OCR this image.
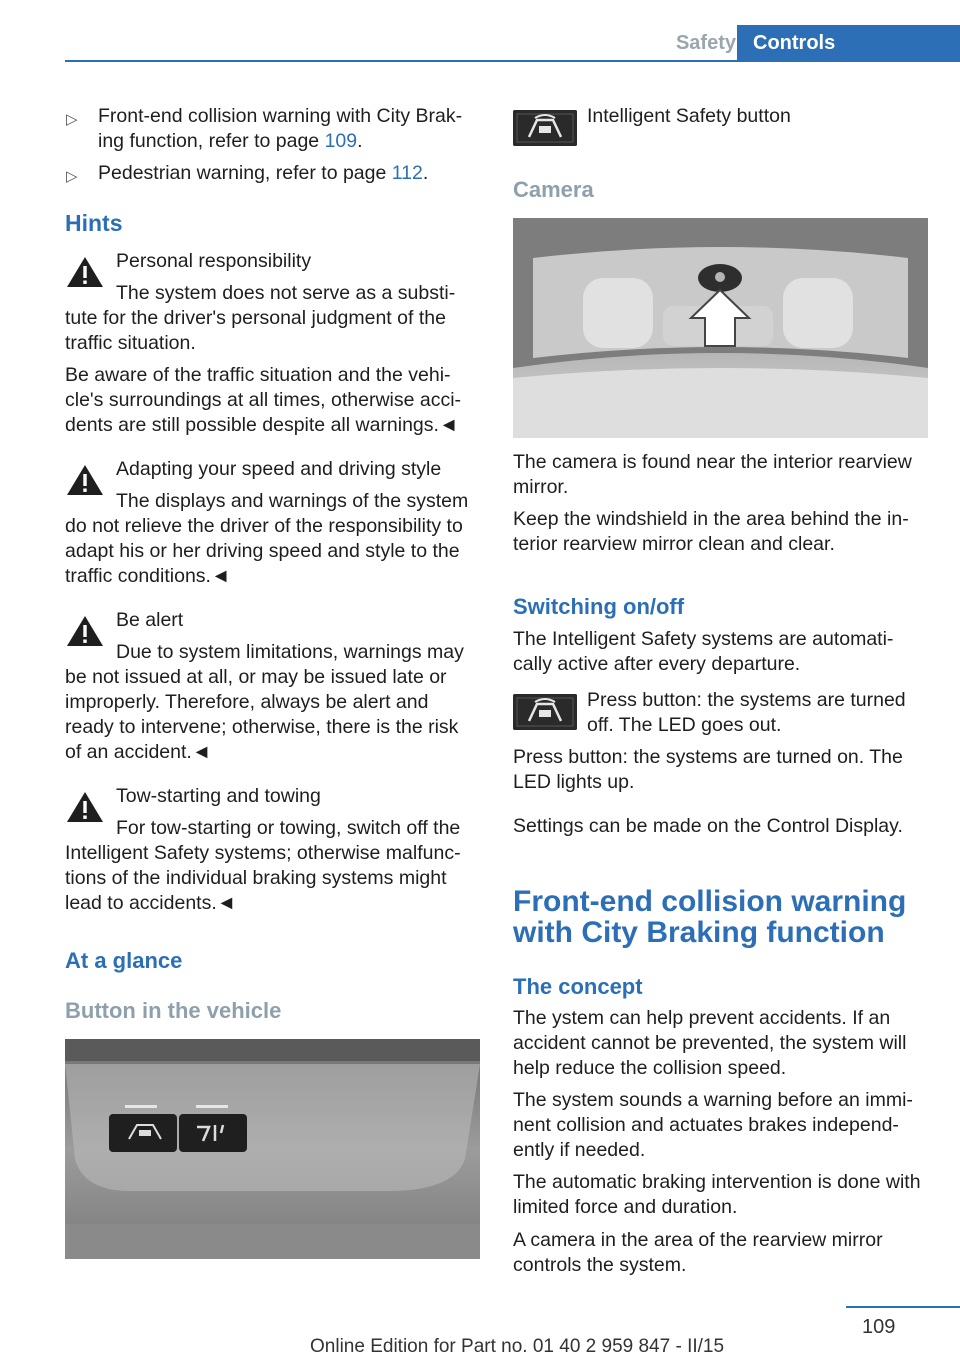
Safety Controls
▷ Front-end collision warning with City Brak-
ing function, refer to page 109.

▷ Pedestrian warning, refer to page 112.

Hints

Personal responsibility

The system does not serve as a substi-

tute for the driver's personal judgment of the traffic situation.

Be aware of the traffic situation and the vehi-cle's surroundings at all times, otherwise acci-dents are still possible despite all warnings.◄

Adapting your speed and driving style

The displays and warnings of the system

do not relieve the driver of the responsibility to adapt his or her driving speed and style to the traffic conditions.◄

Be alert

Due to system limitations, warnings may

be not issued at all, or may be issued late or improperly. Therefore, always be alert and ready to intervene; otherwise, there is the risk of an accident.◄

Tow-starting and towing

For tow-starting or towing, switch off the

Intelligent Safety systems; otherwise malfunc-tions of the individual braking systems might lead to accidents.◄

At a glance
Button in the vehicle

Intelligent Safety button

Camera

The camera is found near the interior rearview mirror.

Keep the windshield in the area behind the in-terior rearview mirror clean and clear.

Switching on/off

The Intelligent Safety systems are automati-cally active after every departure.

Press button: the systems are turned off. The LED goes out.

Press button: the systems are turned on. The LED lights up.

Settings can be made on the Control Display.

Front-end collision warning
with City Braking function
The concept

The ystem can help prevent accidents. If an accident cannot be prevented, the system will help reduce the collision speed.

The system sounds a warning before an immi-nent collision and actuates brakes independ-ently if needed.

The automatic braking intervention is done with limited force and duration.

A camera in the area of the rearview mirror controls the system.

109
Online Edition for Part no. 01 40 2 959 847 - II/15
